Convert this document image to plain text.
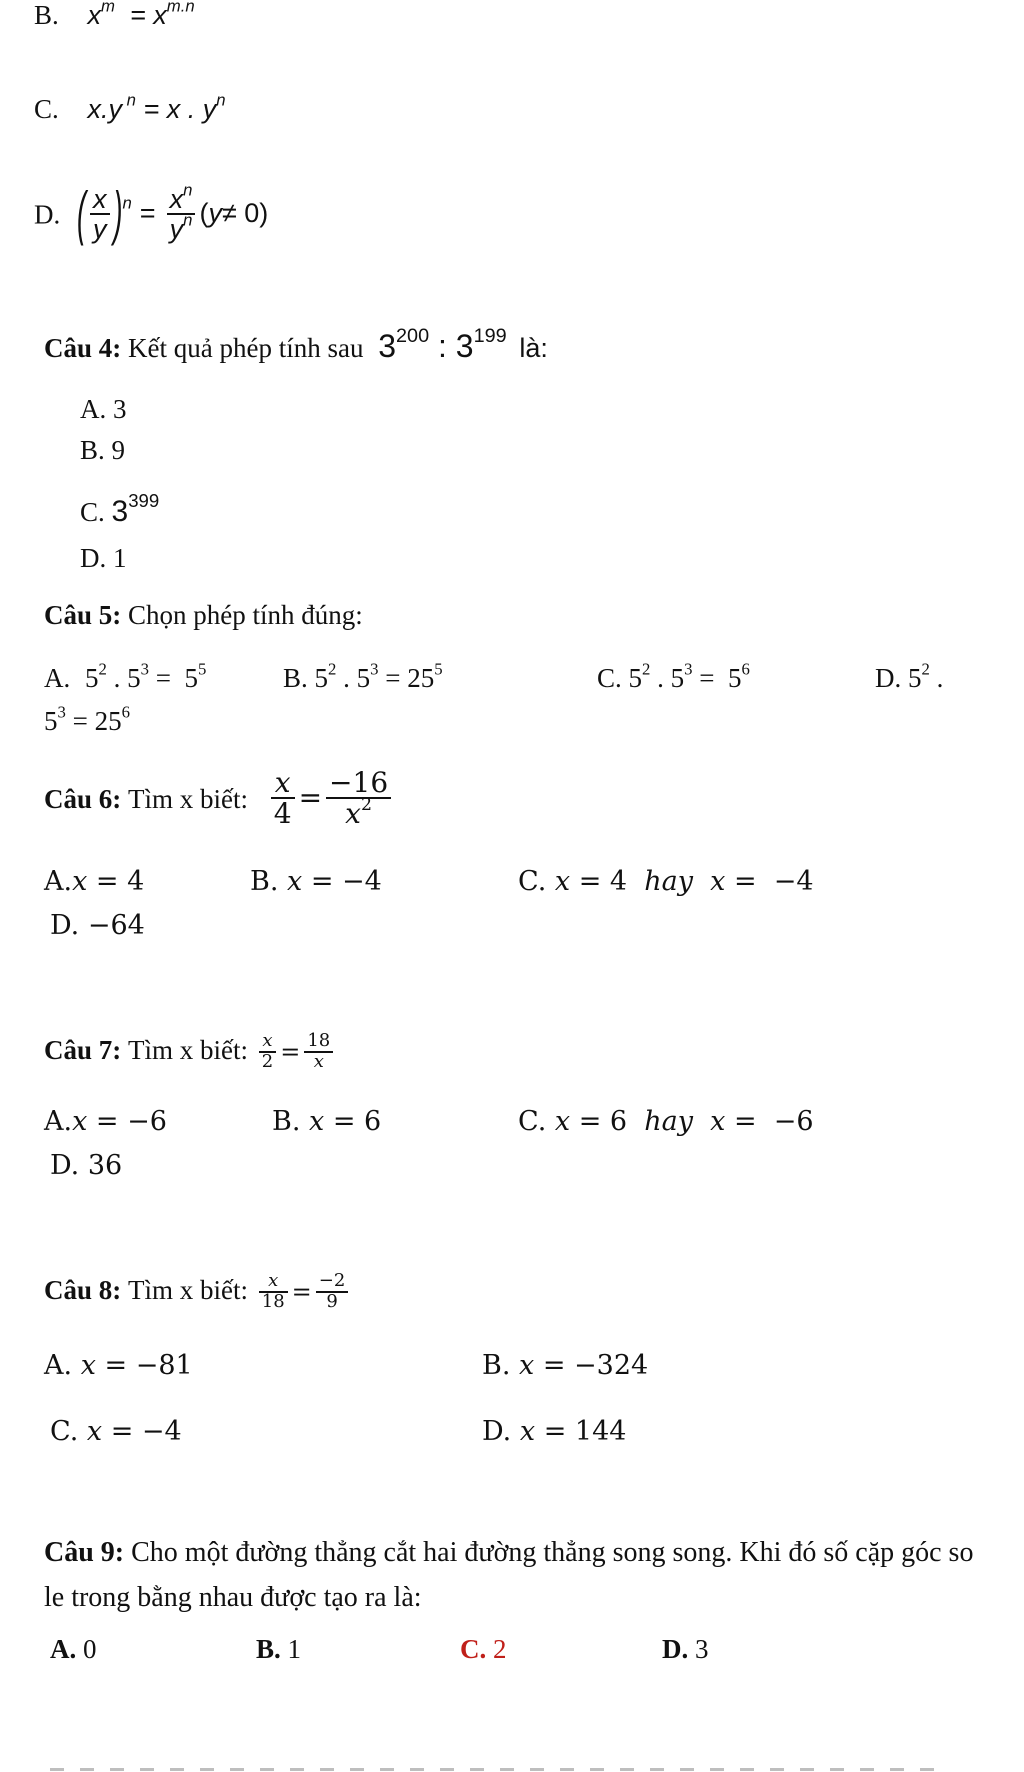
B. $x^m = x^{m.n}$
C. x.y $^n$ = x . $y^n$
D. ( $\frac{x}{y} )^n = \frac{x^n}{y^n} (y\ne 0)$
Câu 4: Kết quả phép tính sau $3^{200}$ : $3^{199}$ là:
A. 3
B. 9
C. $3^{399}$
D. 1
Câu 5: Chọn phép tính đúng:
A. $5^2$ . $5^3 = 5^5$	B. $5^2$ . $5^3 = 25^5$	C. $5^2$ . $5^3 = 5^6$	D. $5^2$ .
$5^3 = 25^6$
Câu 6: Tìm x biết: $\frac{x}{4} = \frac{-16}{x^2}$
A.x = 4	B. x = −4	C. x = 4  hay x =  −4
D. −64
Câu 7: Tìm x biết: $\frac{x}{2} = \frac{18}{x}$
A.x = −6	B. x = 6	C. x = 6  hay x =  −6
D. 36
Câu 8: Tìm x biết: $\frac{x}{18} = \frac{-2}{9}$
A. x = −81	B. x = −324
C. x = −4	D. x = 144
Câu 9: Cho một đường thẳng cắt hai đường thẳng song song. Khi đó số cặp góc so le trong bằng nhau được tạo ra là:
A. 0	B. 1	C. 2	D. 3
